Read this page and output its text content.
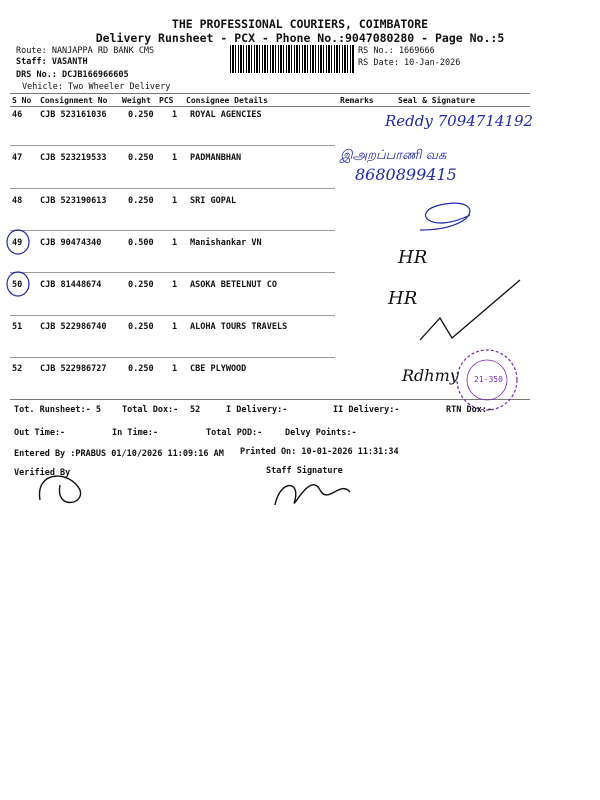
THE PROFESSIONAL COURIERS, COIMBATORE
Delivery Runsheet - PCX - Phone No.:9047080280 - Page No.:5
Route: NANJAPPA RD BANK CMS
Staff: VASANTH
DRS No.: DCJB166966605
Vehicle: Two Wheeler Delivery
RS No.: 1669666
RS Date: 10-Jan-2026
S No Consignment No Weight PCS Consignee Details	Remarks	Seal & Signature
46 CJB 523161036	0.250 1 ROYAL AGENCIES
47 CJB 523219533	0.250 1 PADMANBHAN
48 CJB 523190613	0.250 1 SRI GOPAL
49 CJB 90474340	0.500 1 Manishankar VN
50 CJB 81448674	0.250 1 ASOKA BETELNUT CO
51 CJB 522986740	0.250 1 ALOHA TOURS TRAVELS
52 CJB 522986727	0.250 1 CBE PLYWOOD
Reddy 7094714192
இஅறப்பாணி வக
8680899415
HR
HR
Rdhmy 21-350
Tot. Runsheet:- 5 Total Dox:- 52	I Delivery:-	II Delivery:-	RTN Dox:-
Out Time:-	In Time:-	Total POD:-	Delvy Points:-
Entered By :PRABUS 01/10/2026 11:09:16 AM Printed On: 10-01-2026 11:31:34
Verified By	Staff Signature
